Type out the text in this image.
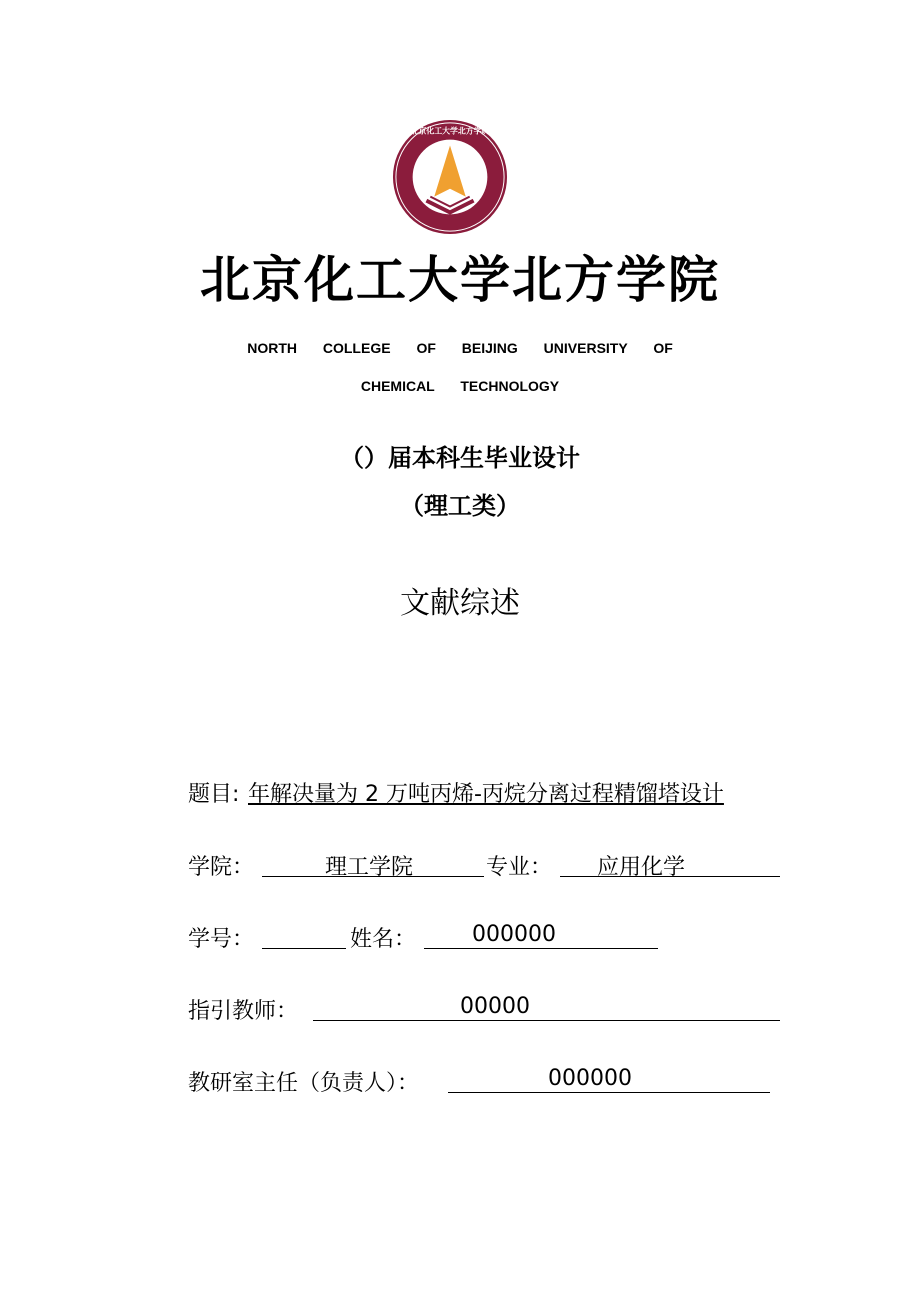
北京化工大学北方学院
北京化工大学北方学院
NORTH COLLEGE OF BEIJING UNIVERSITY OF
CHEMICAL TECHNOLOGY
（）届本科生毕业设计
（理工类）
文献综述
题目: 年解决量为 2 万吨丙烯-丙烷分离过程精馏塔设计
学院：	理工学院	专业： 应用化学
学号：	姓名：	000000
指引教师：	00000
教研室主任（负责人）：	000000
